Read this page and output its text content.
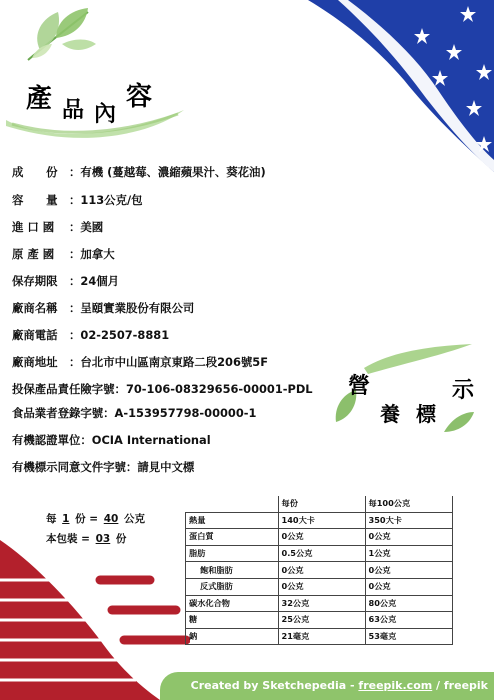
產 品 內
容
成　　份 ：有機 (蔓越莓、濃縮蘋果汁、葵花油)
容　　量 ：113公克/包
進 口 國 ：美國
原 產 國 ：加拿大
保存期限 ：24個月
廠商名稱 ：呈頤實業股份有限公司
廠商電話 ：02-2507-8881
廠商地址 ：台北市中山區南京東路二段206號5F
投保產品責任險字號：70-106-08329656-00001-PDL
食品業者登錄字號：A-153957798-00000-1
有機認證單位：OCIA International
有機標示同意文件字號：請見中文標
營
養 標
示
每 1 份 = 40 公克
本包裝 = 03 份
	每份	每100公克
熱量	140大卡	350大卡
蛋白質	0公克	0公克
脂肪	0.5公克	1公克
飽和脂肪	0公克	0公克
反式脂肪	0公克	0公克
碳水化合物	32公克	80公克
糖	25公克	63公克
鈉	21毫克	53毫克
Created by Sketchepedia - freepik.com / freepik
